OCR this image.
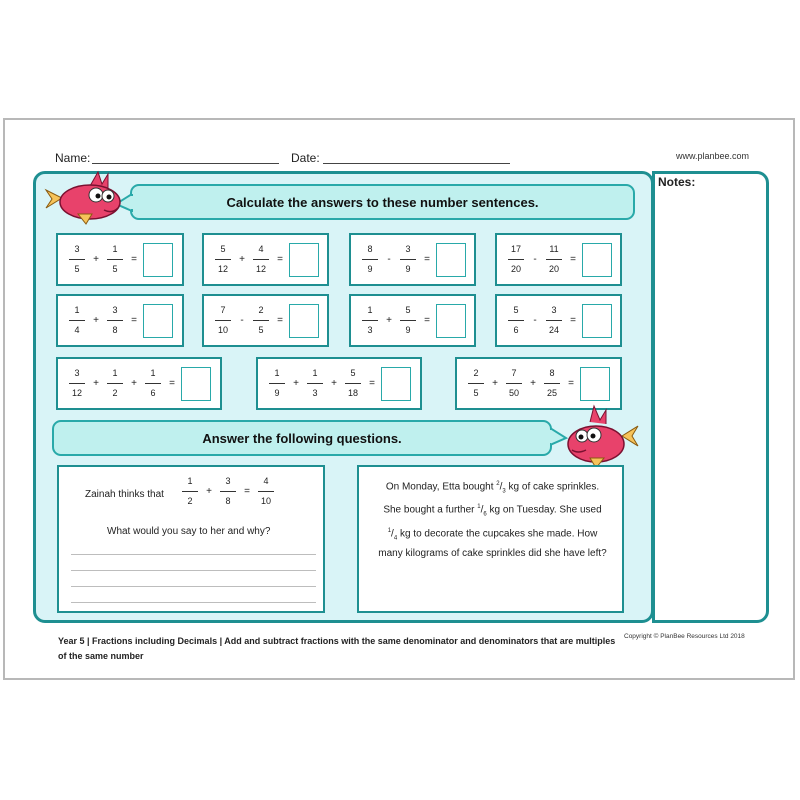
Name:	Date:	www.planbee.com
Notes:
Calculate the answers to these number sentences.
$\frac{3}{5} + \frac{1}{5}$ =	$\frac{5}{12} + \frac{4}{12}$ =	$\frac{8}{9} - \frac{3}{9}$ =	$\frac{17}{20} - \frac{11}{20}$ =
$\frac{1}{4} + \frac{3}{8}$ =	$\frac{7}{10} - \frac{2}{5}$ =	$\frac{1}{3} + \frac{5}{9}$ =	$\frac{5}{6} - \frac{3}{24}$ =
$\frac{3}{12} + \frac{1}{2} + \frac{1}{6}$ =	$\frac{1}{9} + \frac{1}{3} + \frac{5}{18}$ =	$\frac{2}{5} + \frac{7}{50} + \frac{8}{25}$ =
Answer the following questions.
Zainah thinks that $\frac{1}{2} + \frac{3}{8} = \frac{4}{10}$
What would you say to her and why?
On Monday, Etta bought $^2/_3$ kg of cake sprinkles.
She bought a further $^1/_6$ kg on Tuesday. She used
$^1/_4$ kg to decorate the cupcakes she made. How
many kilograms of cake sprinkles did she have left?
Year 5 | Fractions including Decimals | Add and subtract fractions with the same denominator and denominators that are multiples of the same number
Copyright © PlanBee Resources Ltd 2018
